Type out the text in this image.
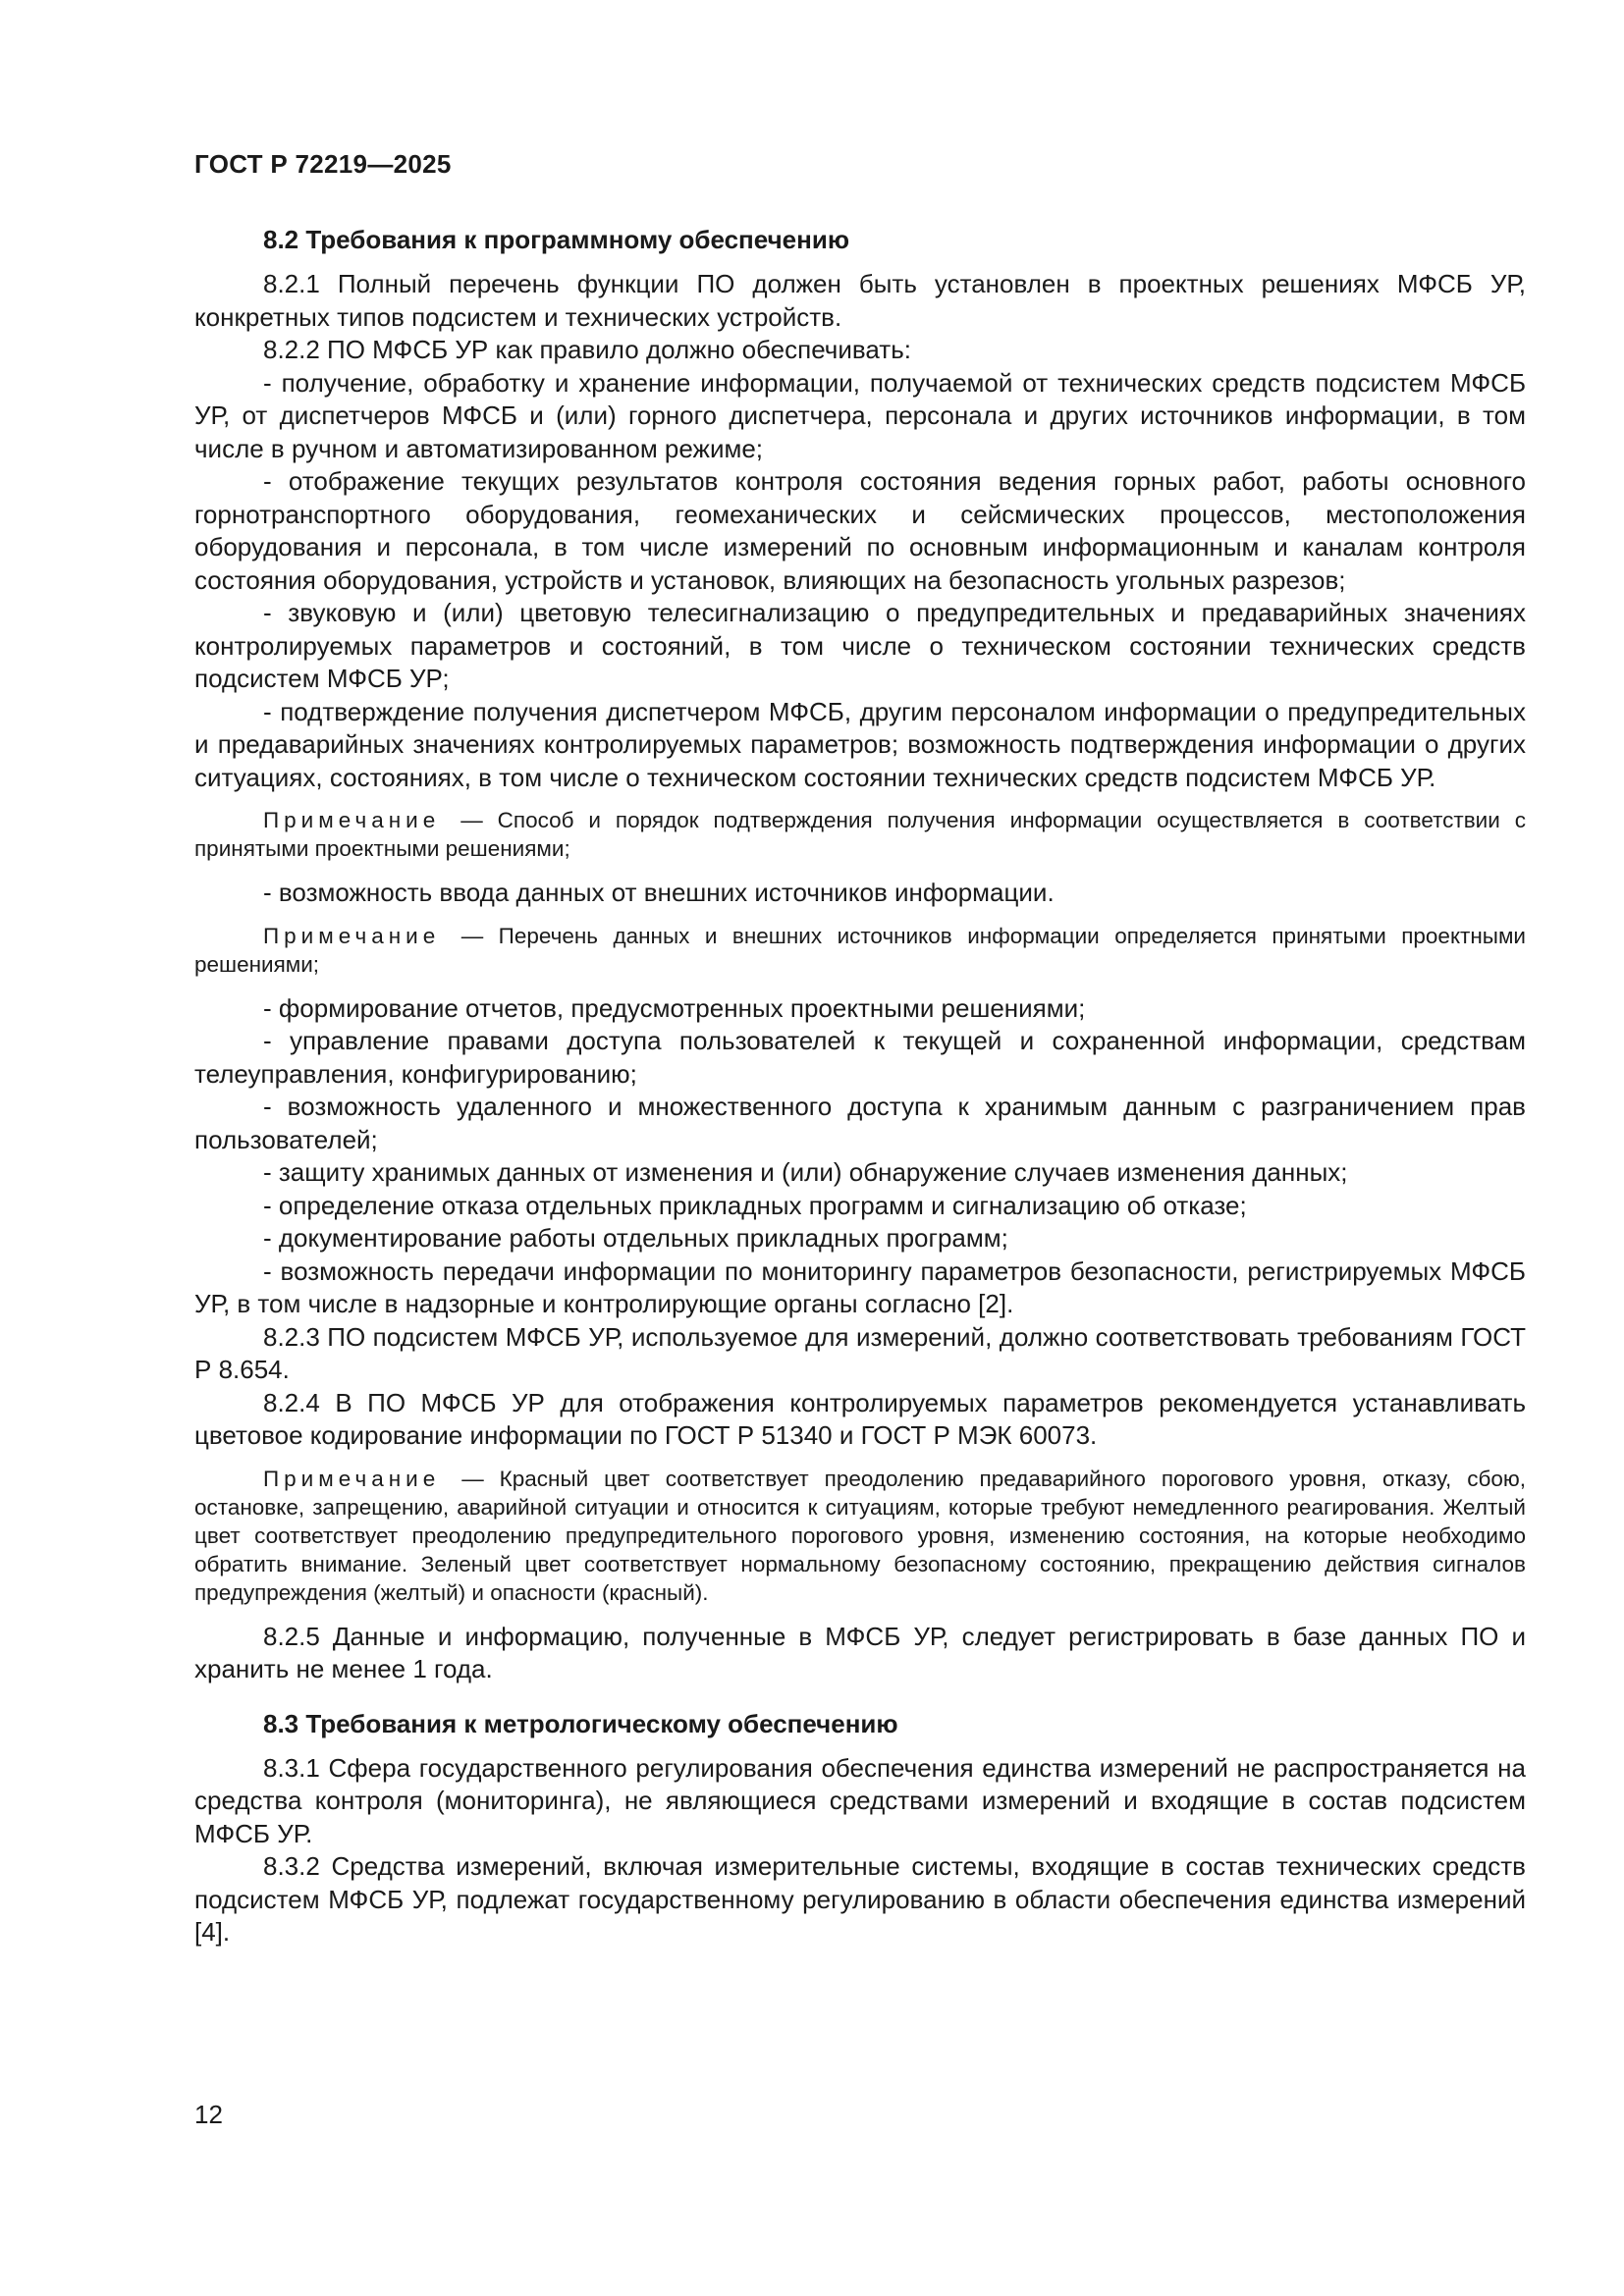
ГОСТ Р 72219—2025

8.2 Требования к программному обеспечению

8.2.1 Полный перечень функции ПО должен быть установлен в проектных решениях МФСБ УР, конкретных типов подсистем и технических устройств.

8.2.2 ПО МФСБ УР как правило должно обеспечивать:

- получение, обработку и хранение информации, получаемой от технических средств подсистем МФСБ УР, от диспетчеров МФСБ и (или) горного диспетчера, персонала и других источников информации, в том числе в ручном и автоматизированном режиме;

- отображение текущих результатов контроля состояния ведения горных работ, работы основного горнотранспортного оборудования, геомеханических и сейсмических процессов, местоположения оборудования и персонала, в том числе измерений по основным информационным и каналам контроля состояния оборудования, устройств и установок, влияющих на безопасность угольных разрезов;

- звуковую и (или) цветовую телесигнализацию о предупредительных и предаварийных значениях контролируемых параметров и состояний, в том числе о техническом состоянии технических средств подсистем МФСБ УР;

- подтверждение получения диспетчером МФСБ, другим персоналом информации о предупредительных и предаварийных значениях контролируемых параметров; возможность подтверждения информации о других ситуациях, состояниях, в том числе о техническом состоянии технических средств подсистем МФСБ УР.

Примечание — Способ и порядок подтверждения получения информации осуществляется в соответствии с принятыми проектными решениями;

- возможность ввода данных от внешних источников информации.

Примечание — Перечень данных и внешних источников информации определяется принятыми проектными решениями;

- формирование отчетов, предусмотренных проектными решениями;

- управление правами доступа пользователей к текущей и сохраненной информации, средствам телеуправления, конфигурированию;

- возможность удаленного и множественного доступа к хранимым данным с разграничением прав пользователей;

- защиту хранимых данных от изменения и (или) обнаружение случаев изменения данных;

- определение отказа отдельных прикладных программ и сигнализацию об отказе;

- документирование работы отдельных прикладных программ;

- возможность передачи информации по мониторингу параметров безопасности, регистрируемых МФСБ УР, в том числе в надзорные и контролирующие органы согласно [2].

8.2.3 ПО подсистем МФСБ УР, используемое для измерений, должно соответствовать требованиям ГОСТ Р 8.654.

8.2.4 В ПО МФСБ УР для отображения контролируемых параметров рекомендуется устанавливать цветовое кодирование информации по ГОСТ Р 51340 и ГОСТ Р МЭК 60073.

Примечание — Красный цвет соответствует преодолению предаварийного порогового уровня, отказу, сбою, остановке, запрещению, аварийной ситуации и относится к ситуациям, которые требуют немедленного реагирования. Желтый цвет соответствует преодолению предупредительного порогового уровня, изменению состояния, на которые необходимо обратить внимание. Зеленый цвет соответствует нормальному безопасному состоянию, прекращению действия сигналов предупреждения (желтый) и опасности (красный).

8.2.5 Данные и информацию, полученные в МФСБ УР, следует регистрировать в базе данных ПО и хранить не менее 1 года.

8.3 Требования к метрологическому обеспечению

8.3.1 Сфера государственного регулирования обеспечения единства измерений не распространяется на средства контроля (мониторинга), не являющиеся средствами измерений и входящие в состав подсистем МФСБ УР.

8.3.2 Средства измерений, включая измерительные системы, входящие в состав технических средств подсистем МФСБ УР, подлежат государственному регулированию в области обеспечения единства измерений [4].

12
